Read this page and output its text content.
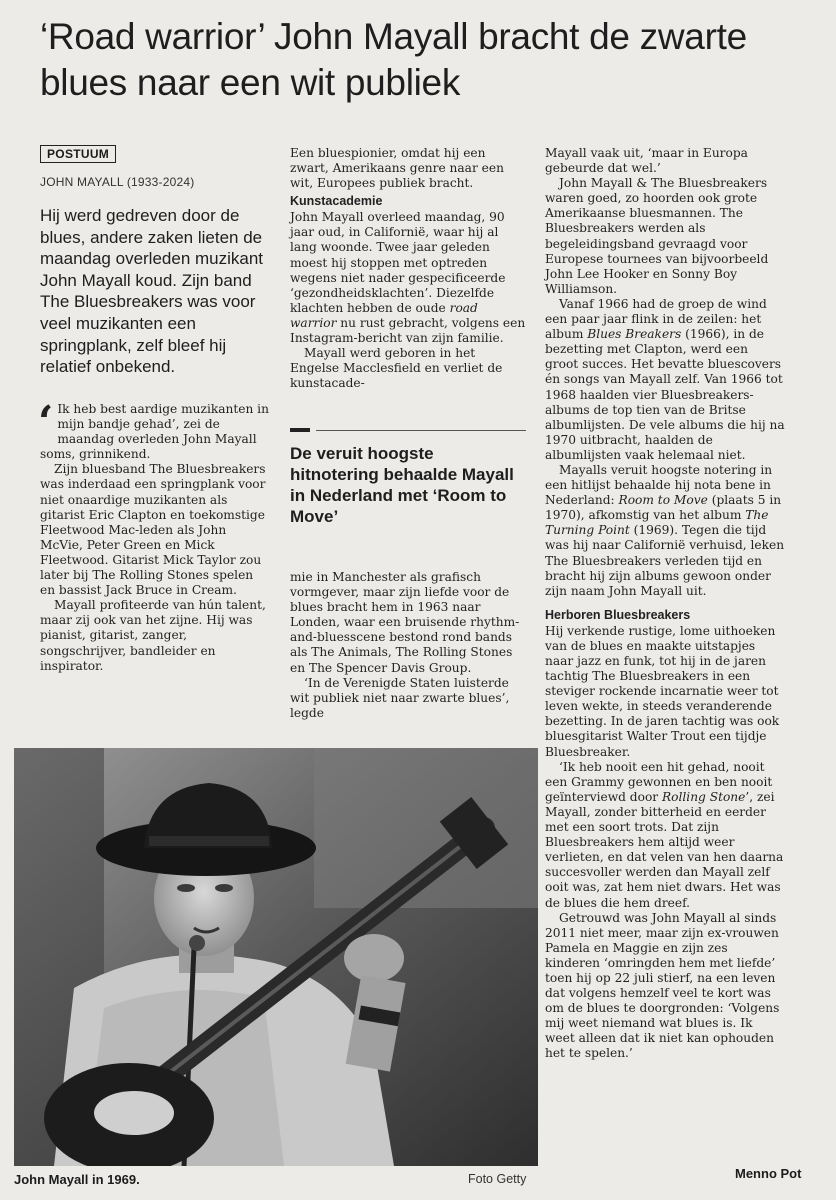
‘Road warrior’ John Mayall bracht de zwarte blues naar een wit publiek
POSTUUM
JOHN MAYALL (1933-2024)
Hij werd gedreven door de blues, andere zaken lieten de maandag overleden muzikant John Mayall koud. Zijn band The Bluesbreakers was voor veel muzikanten een springplank, zelf bleef hij relatief onbekend.

‘ Ik heb best aardige muzikanten in mijn bandje gehad’, zei de maandag overleden John Mayall soms, grinnikend.

Zijn bluesband The Bluesbreakers was inderdaad een springplank voor niet onaardige muzikanten als gitarist Eric Clapton en toekomstige Fleetwood Mac-leden als John McVie, Peter Green en Mick Fleetwood. Gitarist Mick Taylor zou later bij The Rolling Stones spelen en bassist Jack Bruce in Cream.

Mayall profiteerde van hún talent, maar zij ook van het zijne. Hij was pianist, gitarist, zanger, songschrijver, bandleider en inspirator.

Een bluespionier, omdat hij een zwart, Amerikaans genre naar een wit, Europees publiek bracht.

Kunstacademie

John Mayall overleed maandag, 90 jaar oud, in Californië, waar hij al lang woonde. Twee jaar geleden moest hij stoppen met optreden wegens niet nader gespecificeerde ‘gezondheidsklachten’. Diezelfde klachten hebben de oude road warrior nu rust gebracht, volgens een Instagram-bericht van zijn familie.

Mayall werd geboren in het Engelse Macclesfield en verliet de kunstacade-

De veruit hoogste hitnotering behaalde Mayall in Nederland met ‘Room to Move’

mie in Manchester als grafisch vormgever, maar zijn liefde voor de blues bracht hem in 1963 naar Londen, waar een bruisende rhythm-and-bluesscene bestond rond bands als The Animals, The Rolling Stones en The Spencer Davis Group.

‘In de Verenigde Staten luisterde wit publiek niet naar zwarte blues’, legde

Mayall vaak uit, ‘maar in Europa gebeurde dat wel.’

John Mayall & The Bluesbreakers waren goed, zo hoorden ook grote Amerikaanse bluesmannen. The Bluesbreakers werden als begeleidingsband gevraagd voor Europese tournees van bijvoorbeeld John Lee Hooker en Sonny Boy Williamson.

Vanaf 1966 had de groep de wind een paar jaar flink in de zeilen: het album Blues Breakers (1966), in de bezetting met Clapton, werd een groot succes. Het bevatte bluescovers én songs van Mayall zelf. Van 1966 tot 1968 haalden vier Bluesbreakers-albums de top tien van de Britse albumlijsten. De vele albums die hij na 1970 uitbracht, haalden de albumlijsten vaak helemaal niet.

Mayalls veruit hoogste notering in een hitlijst behaalde hij nota bene in Nederland: Room to Move (plaats 5 in 1970), afkomstig van het album The Turning Point (1969). Tegen die tijd was hij naar Californië verhuisd, leken The Bluesbreakers verleden tijd en bracht hij zijn albums gewoon onder zijn naam John Mayall uit.

Herboren Bluesbreakers

Hij verkende rustige, lome uithoeken van de blues en maakte uitstapjes naar jazz en funk, tot hij in de jaren tachtig The Bluesbreakers in een steviger rockende incarnatie weer tot leven wekte, in steeds veranderende bezetting. In de jaren tachtig was ook bluesgitarist Walter Trout een tijdje Bluesbreaker.

‘Ik heb nooit een hit gehad, nooit een Grammy gewonnen en ben nooit geïnterviewd door Rolling Stone’, zei Mayall, zonder bitterheid en eerder met een soort trots. Dat zijn Bluesbreakers hem altijd weer verlieten, en dat velen van hen daarna succesvoller werden dan Mayall zelf ooit was, zat hem niet dwars. Het was de blues die hem dreef.

Getrouwd was John Mayall al sinds 2011 niet meer, maar zijn ex-vrouwen Pamela en Maggie en zijn zes kinderen ‘omringden hem met liefde’ toen hij op 22 juli stierf, na een leven dat volgens hemzelf veel te kort was om de blues te doorgronden: ‘Volgens mij weet niemand wat blues is. Ik weet alleen dat ik niet kan ophouden het te spelen.’

John Mayall in 1969.	Foto Getty	Menno Pot
